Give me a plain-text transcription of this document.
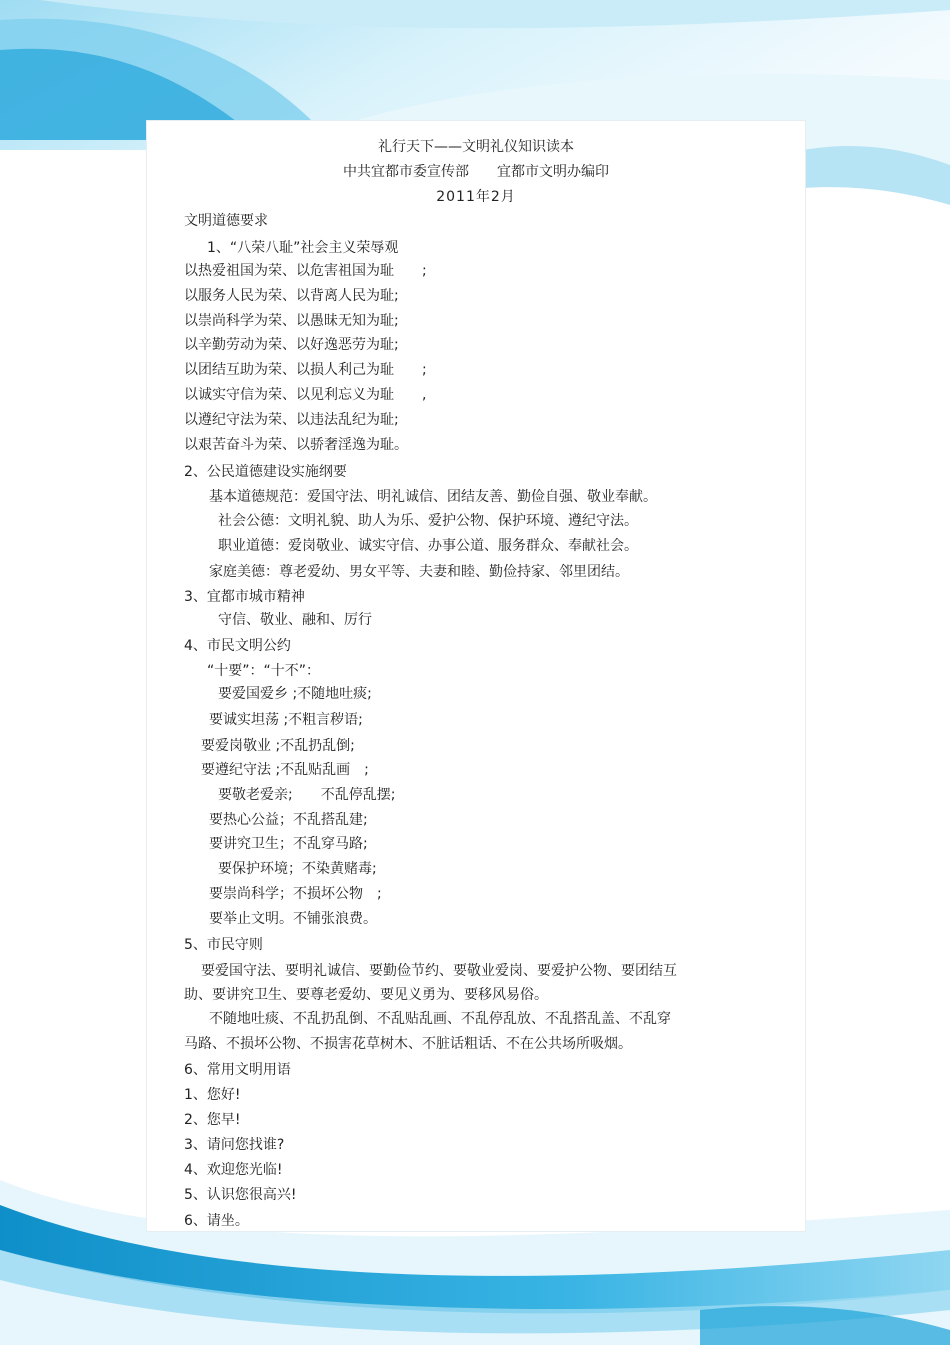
礼行天下——文明礼仪知识读本
中共宜都市委宣传部　　宜都市文明办编印
2011年2月
文明道德要求
1、“八荣八耻”社会主义荣辱观
以热爱祖国为荣、以危害祖国为耻　　;
以服务人民为荣、以背离人民为耻;
以崇尚科学为荣、以愚昧无知为耻;
以辛勤劳动为荣、以好逸恶劳为耻;
以团结互助为荣、以损人利己为耻　　;
以诚实守信为荣、以见利忘义为耻　　,
以遵纪守法为荣、以违法乱纪为耻;
以艰苦奋斗为荣、以骄奢淫逸为耻。
2、公民道德建设实施纲要
基本道德规范：爱国守法、明礼诚信、团结友善、勤俭自强、敬业奉献。
社会公德：文明礼貌、助人为乐、爱护公物、保护环境、遵纪守法。
职业道德：爱岗敬业、诚实守信、办事公道、服务群众、奉献社会。
家庭美德：尊老爱幼、男女平等、夫妻和睦、勤俭持家、邻里团结。
3、宜都市城市精神
守信、敬业、融和、厉行
4、市民文明公约
“十要”：“十不”：
要爱国爱乡 ;不随地吐痰;
要诚实坦荡 ;不粗言秽语;
要爱岗敬业 ;不乱扔乱倒;
要遵纪守法 ;不乱贴乱画　;
要敬老爱亲;　　不乱停乱摆;
要热心公益；不乱搭乱建;
要讲究卫生；不乱穿马路;
要保护环境；不染黄赌毒;
要崇尚科学；不损坏公物　;
要举止文明。不铺张浪费。
5、市民守则
要爱国守法、要明礼诚信、要勤俭节约、要敬业爱岗、要爱护公物、要团结互
助、要讲究卫生、要尊老爱幼、要见义勇为、要移风易俗。
不随地吐痰、不乱扔乱倒、不乱贴乱画、不乱停乱放、不乱搭乱盖、不乱穿
马路、不损坏公物、不损害花草树木、不脏话粗话、不在公共场所吸烟。
6、常用文明用语
1、您好!
2、您早!
3、请问您找谁?
4、欢迎您光临!
5、认识您很高兴!
6、请坐。
